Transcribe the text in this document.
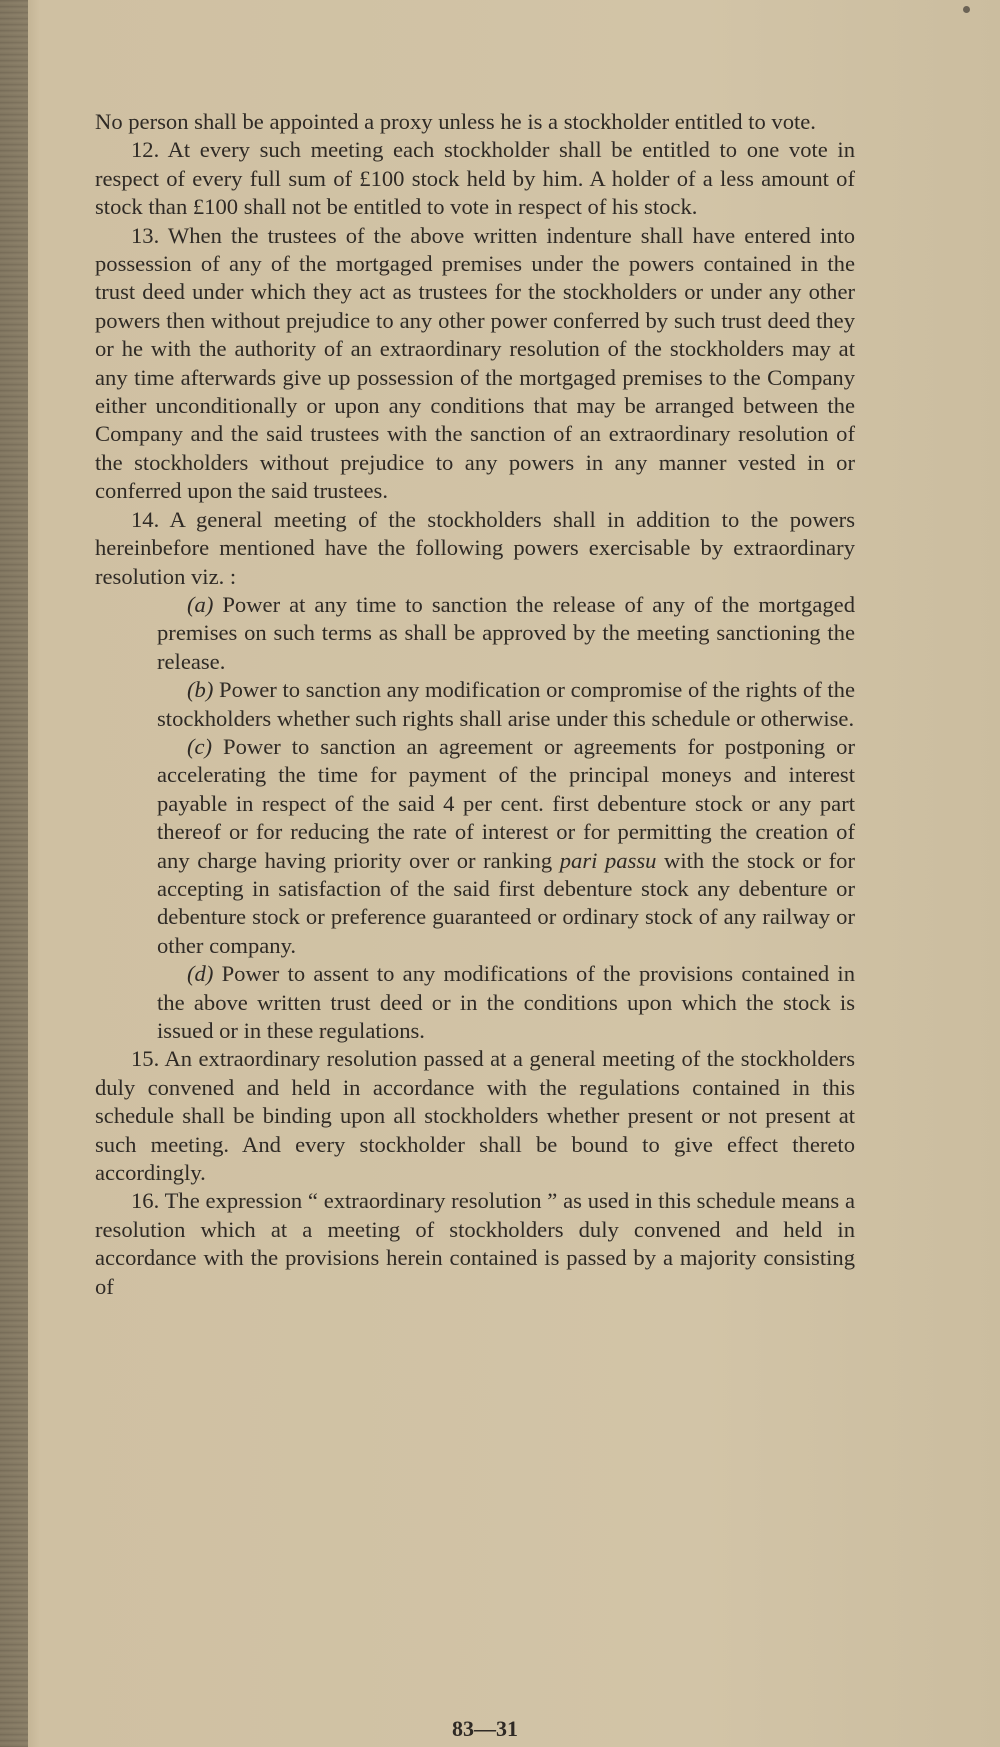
No person shall be appointed a proxy unless he is a stockholder entitled to vote.

12. At every such meeting each stockholder shall be entitled to one vote in respect of every full sum of £100 stock held by him. A holder of a less amount of stock than £100 shall not be entitled to vote in respect of his stock.

13. When the trustees of the above written indenture shall have entered into possession of any of the mortgaged premises under the powers contained in the trust deed under which they act as trustees for the stockholders or under any other powers then without prejudice to any other power conferred by such trust deed they or he with the authority of an extraordinary resolution of the stockholders may at any time afterwards give up possession of the mortgaged premises to the Company either unconditionally or upon any conditions that may be arranged between the Company and the said trustees with the sanction of an extraordinary resolution of the stockholders without prejudice to any powers in any manner vested in or conferred upon the said trustees.

14. A general meeting of the stockholders shall in addition to the powers hereinbefore mentioned have the following powers exercisable by extraordinary resolution viz. :

(a) Power at any time to sanction the release of any of the mortgaged premises on such terms as shall be approved by the meeting sanctioning the release.

(b) Power to sanction any modification or compromise of the rights of the stockholders whether such rights shall arise under this schedule or otherwise.

(c) Power to sanction an agreement or agreements for postponing or accelerating the time for payment of the principal moneys and interest payable in respect of the said 4 per cent. first debenture stock or any part thereof or for reducing the rate of interest or for permitting the creation of any charge having priority over or ranking pari passu with the stock or for accepting in satisfaction of the said first debenture stock any debenture or debenture stock or preference guaranteed or ordinary stock of any railway or other company.

(d) Power to assent to any modifications of the provisions contained in the above written trust deed or in the conditions upon which the stock is issued or in these regulations.

15. An extraordinary resolution passed at a general meeting of the stockholders duly convened and held in accordance with the regulations contained in this schedule shall be binding upon all stockholders whether present or not present at such meeting. And every stockholder shall be bound to give effect thereto accordingly.

16. The expression “ extraordinary resolution ” as used in this schedule means a resolution which at a meeting of stockholders duly convened and held in accordance with the provisions herein contained is passed by a majority consisting of

83—31
